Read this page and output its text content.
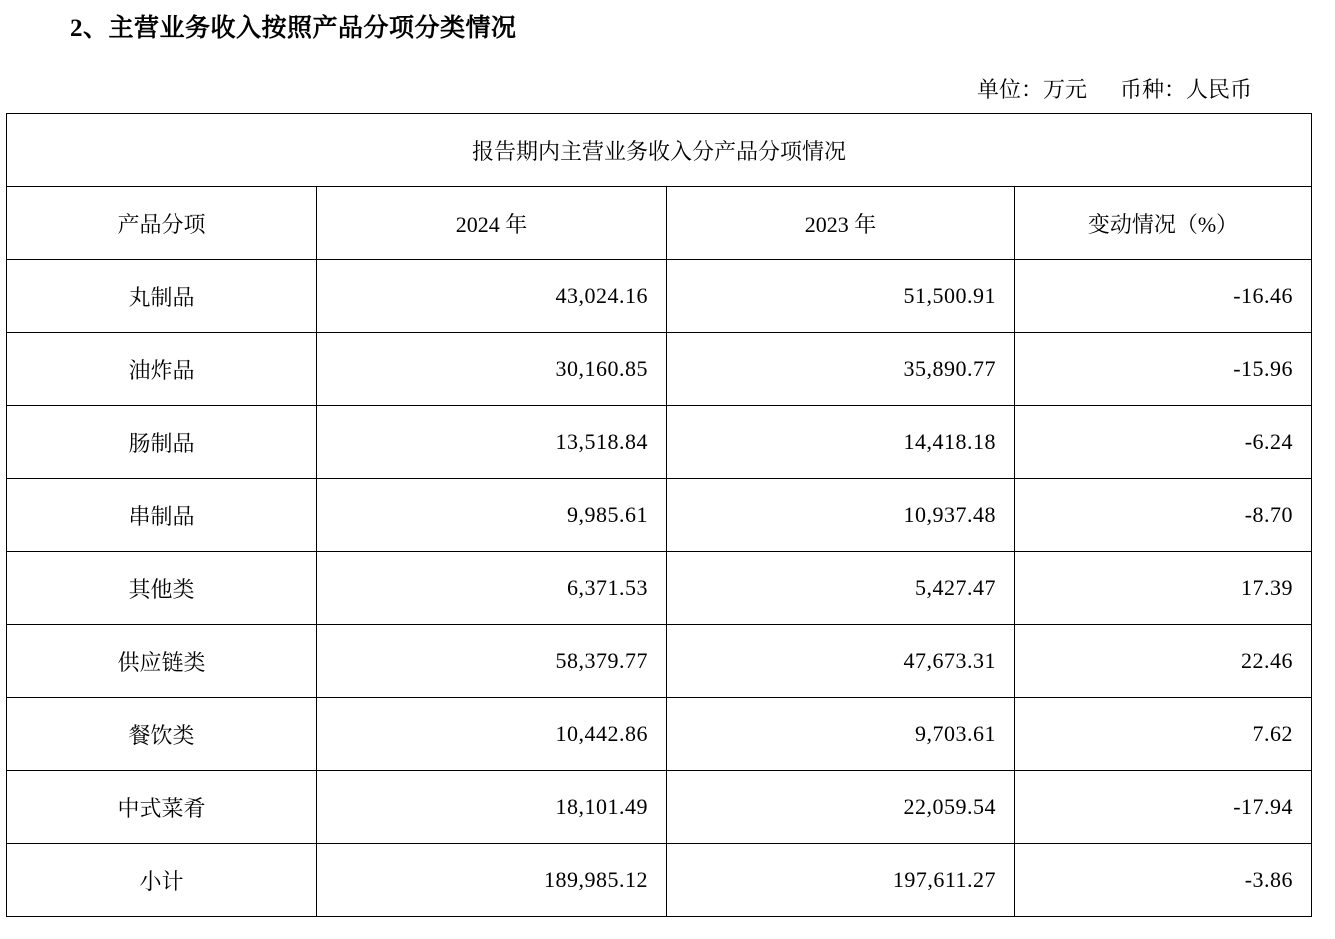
2、主营业务收入按照产品分项分类情况
单位：万元 币种：人民币
报告期内主营业务收入分产品分项情况			
产品分项	2024 年	2023 年	变动情况（%）
丸制品	43,024.16	51,500.91	-16.46
油炸品	30,160.85	35,890.77	-15.96
肠制品	13,518.84	14,418.18	-6.24
串制品	9,985.61	10,937.48	-8.70
其他类	6,371.53	5,427.47	17.39
供应链类	58,379.77	47,673.31	22.46
餐饮类	10,442.86	9,703.61	7.62
中式菜肴	18,101.49	22,059.54	-17.94
小计	189,985.12	197,611.27	-3.86
